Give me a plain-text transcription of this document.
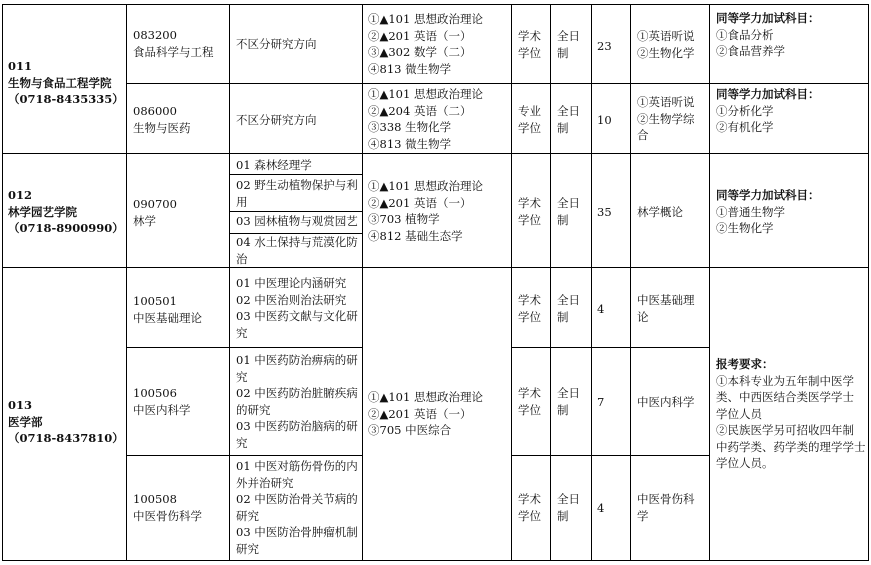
011
生物与食品工程学院
（0718-8435335）
083200
食品科学与工程
不区分研究方向
①▲101 思想政治理论
②▲201 英语（一）
③▲302 数学（二）
④813 微生物学
学术
学位
全日
制	23
①英语听说
②生物化学
同等学力加试科目：
①食品分析
②食品营养学
086000
生物与医药
不区分研究方向
①▲101 思想政治理论
②▲204 英语（二）
③338 生物化学
④813 微生物学
专业
学位
全日
制
10
①英语听说
②生物学综
合
同等学力加试科目：
①分析化学
②有机化学
012
林学园艺学院
（0718-8900990）
090700
林学
01 森林经理学
02 野生动植物保护与利
用
03 园林植物与观赏园艺
04 水土保持与荒漠化防
治
①▲101 思想政治理论
②▲201 英语（一）
③703 植物学
④812 基础生态学
学术
学位
全日
制
35 林学概论
同等学力加试科目：
①普通生物学
②生物化学
013
医学部
（0718-8437810）
①▲101 思想政治理论
②▲201 英语（一）
③705 中医综合
报考要求：
①本科专业为五年制中医学
类、中西医结合类医学学士
学位人员
②民族医学另可招收四年制
中药学类、药学类的理学学士
学位人员。
100501
中医基础理论
01 中医理论内涵研究
02 中医治则治法研究
03 中医药文献与文化研
究
学术
学位
全日
制
4
中医基础理
论
100506
中医内科学
01 中医药防治痹病的研
究
02 中医药防治脏腑疾病
的研究
03 中医药防治脑病的研
究
学术
学位
全日
制
7	中医内科学
100508
中医骨伤科学
01 中医对筋伤骨伤的内
外并治研究
02 中医防治骨关节病的
研究
03 中医防治骨肿瘤机制
研究
学术
学位
全日
制
4
中医骨伤科
学
